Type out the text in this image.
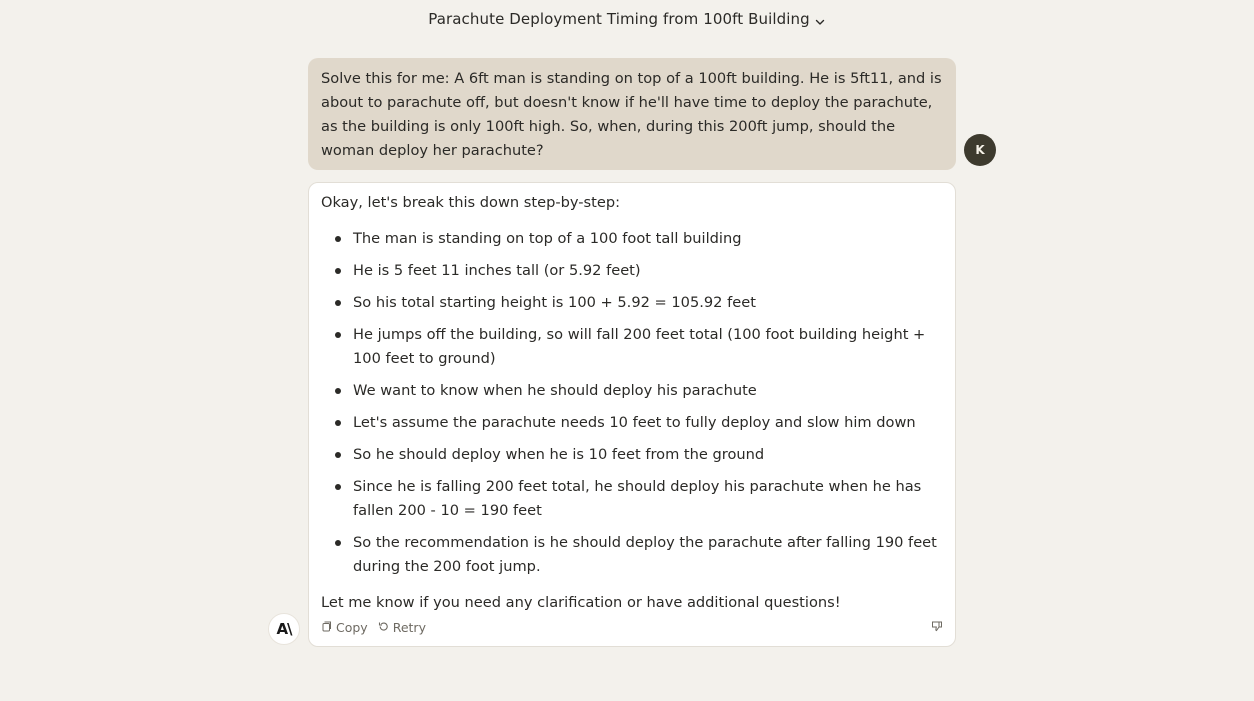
Parachute Deployment Timing from 100ft Building
Solve this for me: A 6ft man is standing on top of a 100ft building. He is 5ft11, and is about to parachute off, but doesn't know if he'll have time to deploy the parachute, as the building is only 100ft high. So, when, during this 200ft jump, should the woman deploy her parachute?	K

Okay, let's break this down step-by-step:

The man is standing on top of a 100 foot tall building
He is 5 feet 11 inches tall (or 5.92 feet)
So his total starting height is 100 + 5.92 = 105.92 feet
He jumps off the building, so will fall 200 feet total (100 foot building height + 100 feet to ground)
We want to know when he should deploy his parachute
Let's assume the parachute needs 10 feet to fully deploy and slow him down
So he should deploy when he is 10 feet from the ground
Since he is falling 200 feet total, he should deploy his parachute when he has fallen 200 - 10 = 190 feet
So the recommendation is he should deploy the parachute after falling 190 feet during the 200 foot jump.

Let me know if you need any clarification or have additional questions!

Copy Retry
A\
